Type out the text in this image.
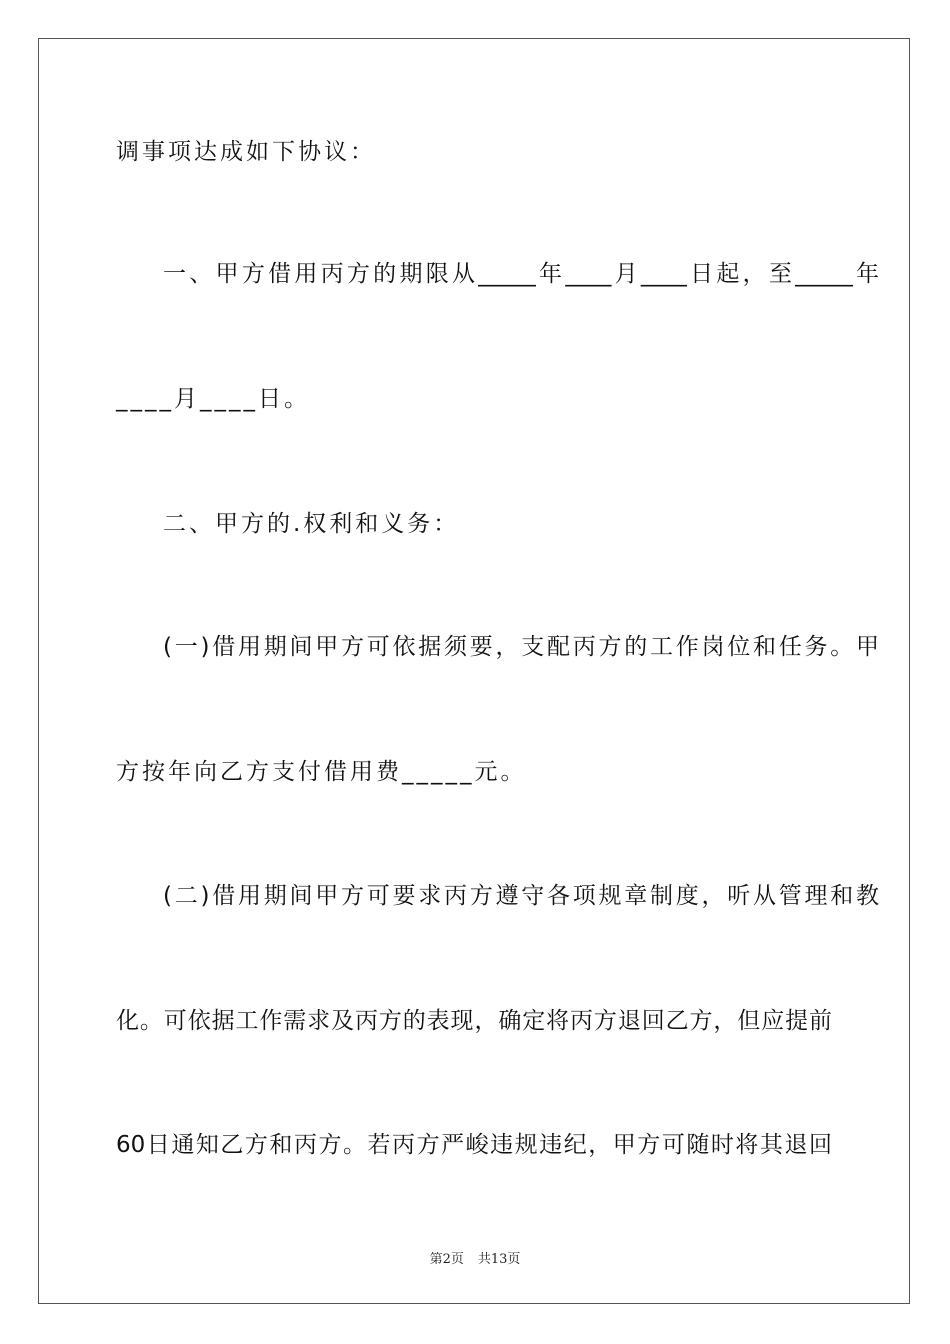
调事项达成如下协议：
一、甲方借用丙方的期限从_____年____月____日起，至_____年
____月____日。
二、甲方的.权利和义务：
(一)借用期间甲方可依据须要，支配丙方的工作岗位和任务。甲
方按年向乙方支付借用费_____元。
(二)借用期间甲方可要求丙方遵守各项规章制度，听从管理和教
化。可依据工作需求及丙方的表现，确定将丙方退回乙方，但应提前
60日通知乙方和丙方。若丙方严峻违规违纪，甲方可随时将其退回
第2页 共13页
